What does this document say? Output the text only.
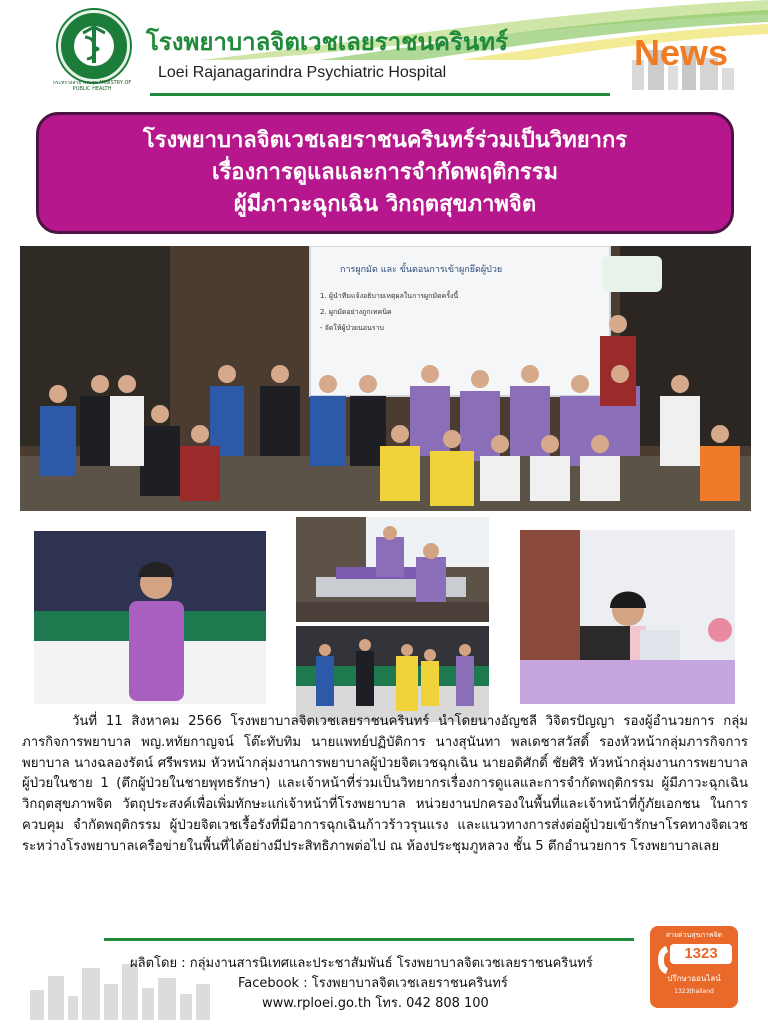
กระทรวงสาธารณสุข MINISTRY OF PUBLIC HEALTH
โรงพยาบาลจิตเวชเลยราชนครินทร์
Loei Rajanagarindra Psychiatric Hospital	News
โรงพยาบาลจิตเวชเลยราชนครินทร์ร่วมเป็นวิทยากร
เรื่องการดูแลและการจำกัดพฤติกรรม
ผู้มีภาวะฉุกเฉิน วิกฤตสุขภาพจิต
การผูกมัด และ ขั้นตอนการเข้าผูกยึดผู้ป่วย
1. ผู้นำทีมแจ้งอธิบายเหตุผลในการผูกมัดครั้งนี้
2. ผูกมัดอย่างถูกเทคนิค
- จัดให้ผู้ป่วยนอนราบ

วันที่ 11 สิงหาคม 2566 โรงพยาบาลจิตเวชเลยราชนครินทร์ นำโดยนางอัญชลี วิจิตรปัญญา รองผู้อำนวยการ กลุ่มภารกิจการพยาบาล พญ.หทัยกาญจน์ โต๊ะทับทิม นายแพทย์ปฏิบัติการ นางสุนันทา พลเดชาสวัสดิ์ รองหัวหน้ากลุ่มภารกิจการพยาบาล นางฉลองรัตน์ ศรีพรหม หัวหน้ากลุ่มงานการพยาบาลผู้ป่วยจิตเวชฉุกเฉิน นายอดิศักดิ์ ชัยศิริ หัวหน้ากลุ่มงานการพยาบาลผู้ป่วยในชาย 1 (ตึกผู้ป่วยในชายพุทธรักษา) และเจ้าหน้าที่ร่วมเป็นวิทยากรเรื่องการดูแลและการจำกัดพฤติกรรม ผู้มีภาวะฉุกเฉิน วิกฤตสุขภาพจิต วัตถุประสงค์เพื่อเพิ่มทักษะแก่เจ้าหน้าที่โรงพยาบาล หน่วยงานปกครองในพื้นที่และเจ้าหน้าที่กู้ภัยเอกชน ในการควบคุม จำกัดพฤติกรรม ผู้ป่วยจิตเวชเรื้อรังที่มีอาการฉุกเฉินก้าวร้าวรุนแรง และแนวทางการส่งต่อผู้ป่วยเข้ารักษาโรคทางจิตเวชระหว่างโรงพยาบาลเครือข่ายในพื้นที่ได้อย่างมีประสิทธิภาพต่อไป ณ ห้องประชุมภูหลวง ชั้น 5 ตึกอำนวยการ โรงพยาบาลเลย

ผลิตโดย : กลุ่มงานสารนิเทศและประชาสัมพันธ์ โรงพยาบาลจิตเวชเลยราชนครินทร์
Facebook : โรงพยาบาลจิตเวชเลยราชนครินทร์
www.rploei.go.th โทร. 042 808 100
สายด่วนสุขภาพจิต
1323
ปรึกษาออนไลน์
1323thailand
